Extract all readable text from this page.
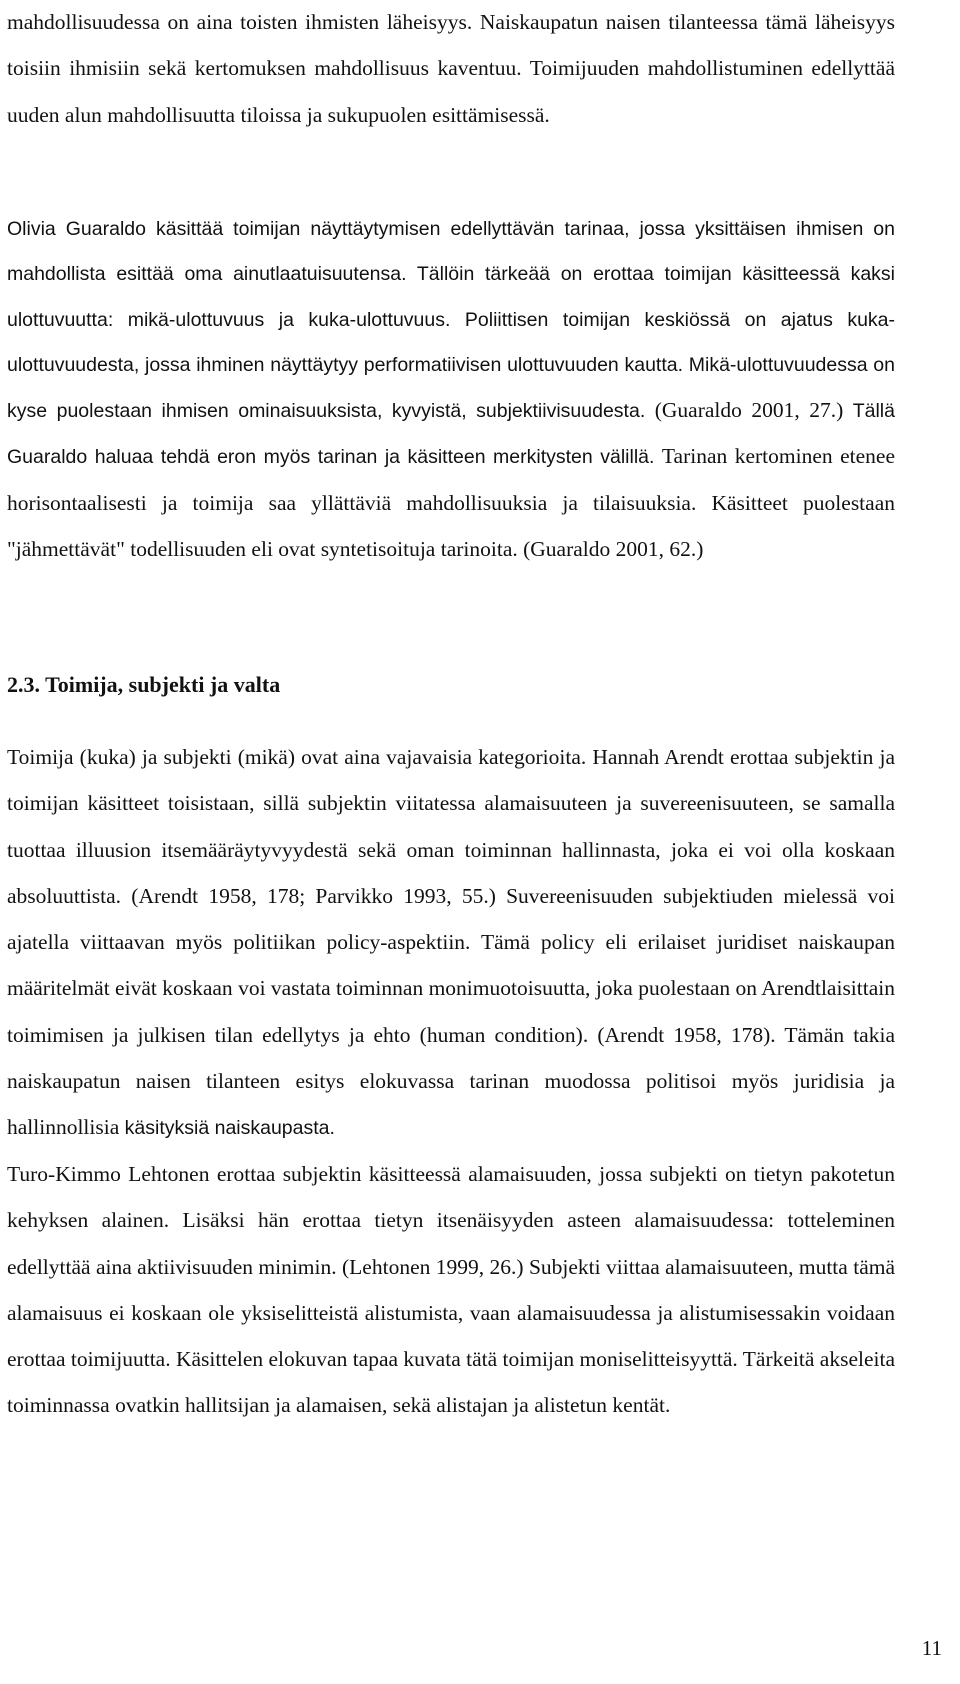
mahdollisuudessa on aina toisten ihmisten läheisyys. Naiskaupatun naisen tilanteessa tämä läheisyys toisiin ihmisiin sekä kertomuksen mahdollisuus kaventuu. Toimijuuden mahdollistuminen edellyttää uuden alun mahdollisuutta tiloissa ja sukupuolen esittämisessä.

Olivia Guaraldo käsittää toimijan näyttäytymisen edellyttävän tarinaa, jossa yksittäisen ihmisen on mahdollista esittää oma ainutlaatuisuutensa. Tällöin tärkeää on erottaa toimijan käsitteessä kaksi ulottuvuutta: mikä-ulottuvuus ja kuka-ulottuvuus. Poliittisen toimijan keskiössä on ajatus kuka-ulottuvuudesta, jossa ihminen näyttäytyy performatiivisen ulottuvuuden kautta. Mikä-ulottuvuudessa on kyse puolestaan ihmisen ominaisuuksista, kyvyistä, subjektiivisuudesta. (Guaraldo 2001, 27.) Tällä Guaraldo haluaa tehdä eron myös tarinan ja käsitteen merkitysten välillä. Tarinan kertominen etenee horisontaalisesti ja toimija saa yllättäviä mahdollisuuksia ja tilaisuuksia. Käsitteet puolestaan "jähmettävät" todellisuuden eli ovat syntetisoituja tarinoita. (Guaraldo 2001, 62.)

2.3. Toimija, subjekti ja valta

Toimija (kuka) ja subjekti (mikä) ovat aina vajavaisia kategorioita. Hannah Arendt erottaa subjektin ja toimijan käsitteet toisistaan, sillä subjektin viitatessa alamaisuuteen ja suvereenisuuteen, se samalla tuottaa illuusion itsemääräytyvyydestä sekä oman toiminnan hallinnasta, joka ei voi olla koskaan absoluuttista. (Arendt 1958, 178; Parvikko 1993, 55.) Suvereenisuuden subjektiuden mielessä voi ajatella viittaavan myös politiikan policy-aspektiin. Tämä policy eli erilaiset juridiset naiskaupan määritelmät eivät koskaan voi vastata toiminnan monimuotoisuutta, joka puolestaan on Arendtlaisittain toimimisen ja julkisen tilan edellytys ja ehto (human condition). (Arendt 1958, 178). Tämän takia naiskaupatun naisen tilanteen esitys elokuvassa tarinan muodossa politisoi myös juridisia ja hallinnollisia käsityksiä naiskaupasta.

Turo-Kimmo Lehtonen erottaa subjektin käsitteessä alamaisuuden, jossa subjekti on tietyn pakotetun kehyksen alainen. Lisäksi hän erottaa tietyn itsenäisyyden asteen alamaisuudessa: totteleminen edellyttää aina aktiivisuuden minimin. (Lehtonen 1999, 26.) Subjekti viittaa alamaisuuteen, mutta tämä alamaisuus ei koskaan ole yksiselitteistä alistumista, vaan alamaisuudessa ja alistumisessakin voidaan erottaa toimijuutta. Käsittelen elokuvan tapaa kuvata tätä toimijan moniselitteisyyttä. Tärkeitä akseleita toiminnassa ovatkin hallitsijan ja alamaisen, sekä alistajan ja alistetun kentät.

11
